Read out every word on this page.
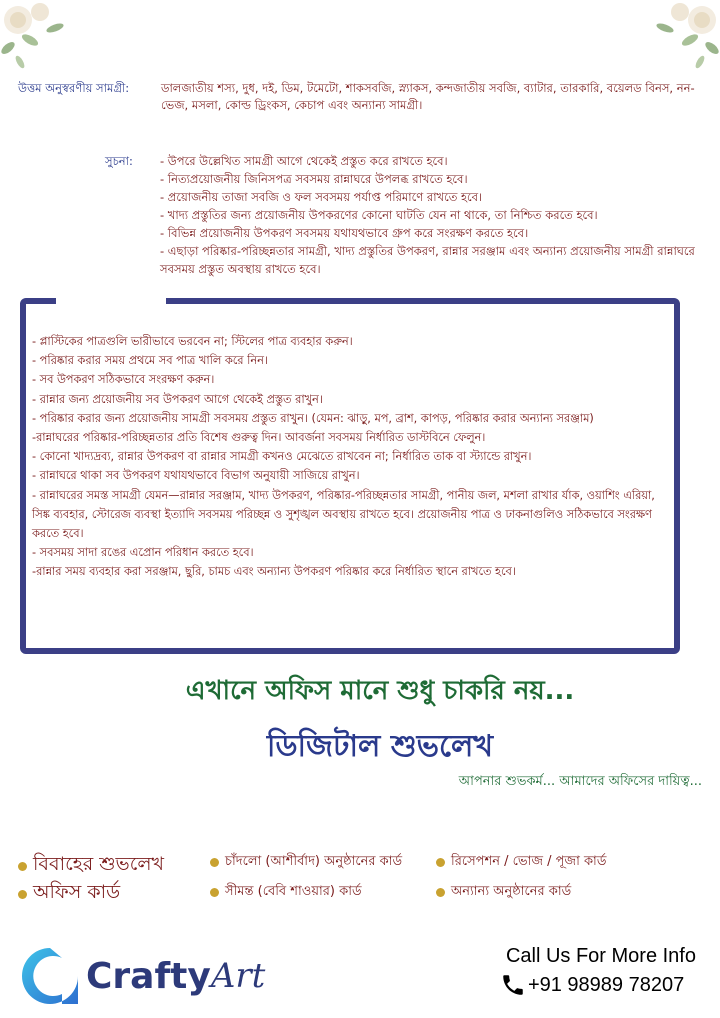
উত্তম অনুস্বরণীয় সামগ্রী:	ডালজাতীয় শস্য, দুধ, দই, ডিম, টমেটো, শাকসবজি, স্ন্যাকস, কন্দজাতীয় সবজি, ব্যাটার, তারকারি, বয়েলড বিনস, নন-ভেজ, মসলা, কোল্ড ড্রিংকস, কেচাপ এবং অন্যান্য সামগ্রী।
সুচনা: - উপরে উল্লেখিত সামগ্রী আগে থেকেই প্রস্তুত করে রাখতে হবে।
- নিত্যপ্রয়োজনীয় জিনিসপত্র সবসময় রান্নাঘরে উপলব্ধ রাখতে হবে।
- প্রয়োজনীয় তাজা সবজি ও ফল সবসময় পর্যাপ্ত পরিমাণে রাখতে হবে।
- খাদ্য প্রস্তুতির জন্য প্রয়োজনীয় উপকরণের কোনো ঘাটতি যেন না থাকে, তা নিশ্চিত করতে হবে।
- বিভিন্ন প্রয়োজনীয় উপকরণ সবসময় যথাযথভাবে গ্রুপ করে সংরক্ষণ করতে হবে।
- এছাড়া পরিষ্কার-পরিচ্ছন্নতার সামগ্রী, খাদ্য প্রস্তুতির উপকরণ, রান্নার সরঞ্জাম এবং অন্যান্য প্রয়োজনীয় সামগ্রী রান্নাঘরে সবসময় প্রস্তুত অবস্থায় রাখতে হবে।
- প্লাস্টিকের পাত্রগুলি ভারীভাবে ভরবেন না; স্টিলের পাত্র ব্যবহার করুন।
- পরিষ্কার করার সময় প্রথমে সব পাত্র খালি করে নিন।
- সব উপকরণ সঠিকভাবে সংরক্ষণ করুন।
- রান্নার জন্য প্রয়োজনীয় সব উপকরণ আগে থেকেই প্রস্তুত রাখুন।
- পরিষ্কার করার জন্য প্রয়োজনীয় সামগ্রী সবসময় প্রস্তুত রাখুন। (যেমন: ঝাড়ু, মপ, ব্রাশ, কাপড়, পরিষ্কার করার অন্যান্য সরঞ্জাম)
-রান্নাঘরের পরিষ্কার-পরিচ্ছন্নতার প্রতি বিশেষ গুরুত্ব দিন। আবর্জনা সবসময় নির্ধারিত ডাস্টবিনে ফেলুন।
- কোনো খাদ্যদ্রব্য, রান্নার উপকরণ বা রান্নার সামগ্রী কখনও মেঝেতে রাখবেন না; নির্ধারিত তাক বা স্ট্যান্ডে রাখুন।
- রান্নাঘরে থাকা সব উপকরণ যথাযথভাবে বিভাগ অনুযায়ী সাজিয়ে রাখুন।
- রান্নাঘরের সমস্ত সামগ্রী যেমন—রান্নার সরঞ্জাম, খাদ্য উপকরণ, পরিষ্কার-পরিচ্ছন্নতার সামগ্রী, পানীয় জল, মশলা রাখার র্যাক, ওয়াশিং এরিয়া, সিঙ্ক ব্যবহার, স্টোরেজ ব্যবস্থা ইত্যাদি সবসময় পরিচ্ছন্ন ও সুশৃঙ্খল অবস্থায় রাখতে হবে। প্রয়োজনীয় পাত্র ও ঢাকনাগুলিও সঠিকভাবে সংরক্ষণ করতে হবে।
- সবসময় সাদা রঙের এপ্রোন পরিধান করতে হবে।
-রান্নার সময় ব্যবহার করা সরঞ্জাম, ছুরি, চামচ এবং অন্যান্য উপকরণ পরিষ্কার করে নির্ধারিত স্থানে রাখতে হবে।
এখানে অফিস মানে শুধু চাকরি নয়...
ডিজিটাল শুভলেখ
আপনার শুভকর্ম... আমাদের অফিসের দায়িত্ব...
বিবাহের শুভলেখ
অফিস কার্ড
চাঁদলো (আশীর্বাদ) অনুষ্ঠানের কার্ড
সীমন্ত (বেবি শাওয়ার) কার্ড
রিসেপশন / ভোজ / পূজা কার্ড
অন্যান্য অনুষ্ঠানের কার্ড
Crafty Art	Call Us For More Info
+91 98989 78207
